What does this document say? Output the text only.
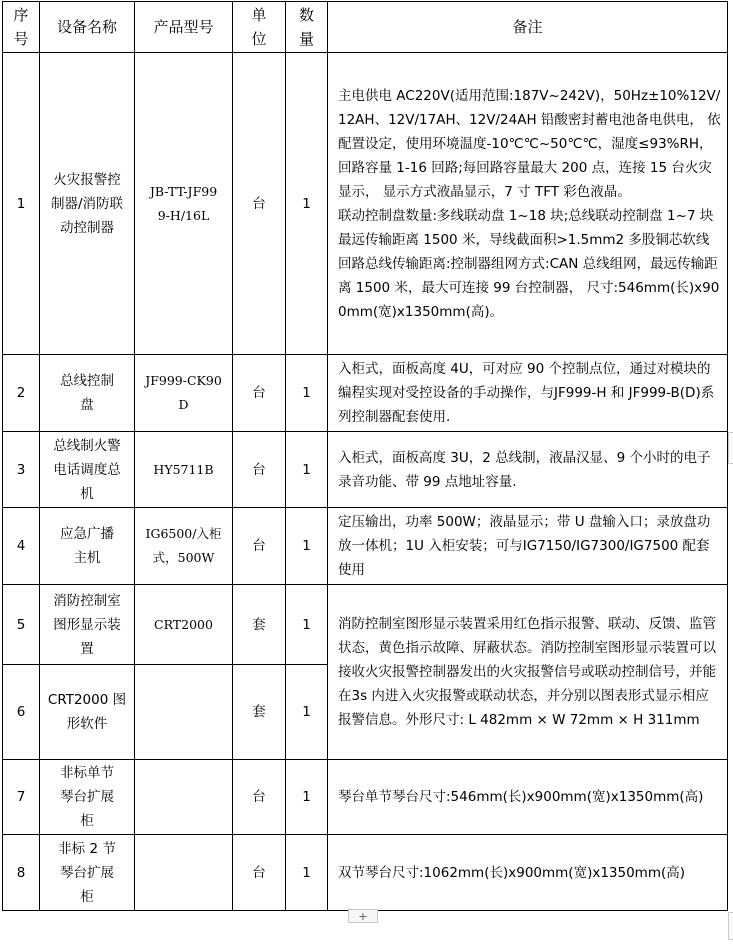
序号	设备名称	产品型号	单位	数量	备注
1	火灾报警控制器/消防联动控制器	JB-TT-JF999-H/16L	台	1	主电供电 AC220V(适用范围:187V~242V)，50Hz±10%12V/12AH、12V/17AH、12V/24AH 铅酸密封蓄电池备电供电， 依配置设定，使用环境温度-10℃℃~50℃℃，湿度≤93%RH，回路容量 1-16 回路;每回路容量最大 200 点，连接 15 台火灾显示， 显示方式液晶显示，7 寸 TFT 彩色液晶。
联动控制盘数量:多线联动盘 1~18 块;总线联动控制盘 1~7 块最远传输距离 1500 米，导线截面积>1.5mm2 多股铜芯软线回路总线传输距离:控制器组网方式:CAN 总线组网，最远传输距离 1500 米，最大可连接 99 台控制器， 尺寸:546mm(长)x900mm(宽)x1350mm(高)。

2	总线控制盘	JF999-CK90D	台	1	入柜式，面板高度 4U，可对应 90 个控制点位，通过对模块的编程实现对受控设备的手动操作，与JF999-H 和 JF999-B(D)系列控制器配套使用.
3	总线制火警电话调度总机	HY5711B	台	1	入柜式，面板高度 3U，2 总线制，液晶汉显、9 个小时的电子录音功能、带 99 点地址容量.
4	应急广播主机	IG6500/入柜式，500W	台	1	定压输出，功率 500W；液晶显示；带 U 盘输入口；录放盘功放一体机；1U 入柜安装；可与IG7150/IG7300/IG7500 配套使用
5	消防控制室图形显示装置	CRT2000	套	1	消防控制室图形显示装置采用红色指示报警、联动、反馈、监管状态，黄色指示故障、屏蔽状态。消防控制室图形显示装置可以接收火灾报警控制器发出的火灾报警信号或联动控制信号，并能在3s 内进入火灾报警或联动状态，并分别以图表形式显示相应报警信息。外形尺寸: L 482mm × W 72mm × H 311mm
6	CRT2000 图形软件		套	1	
7	非标单节琴台扩展柜		台	1	琴台单节琴台尺寸:546mm(长)x900mm(宽)x1350mm(高)
8	非标 2 节琴台扩展柜		台	1	双节琴台尺寸:1062mm(长)x900mm(宽)x1350mm(高)
+
